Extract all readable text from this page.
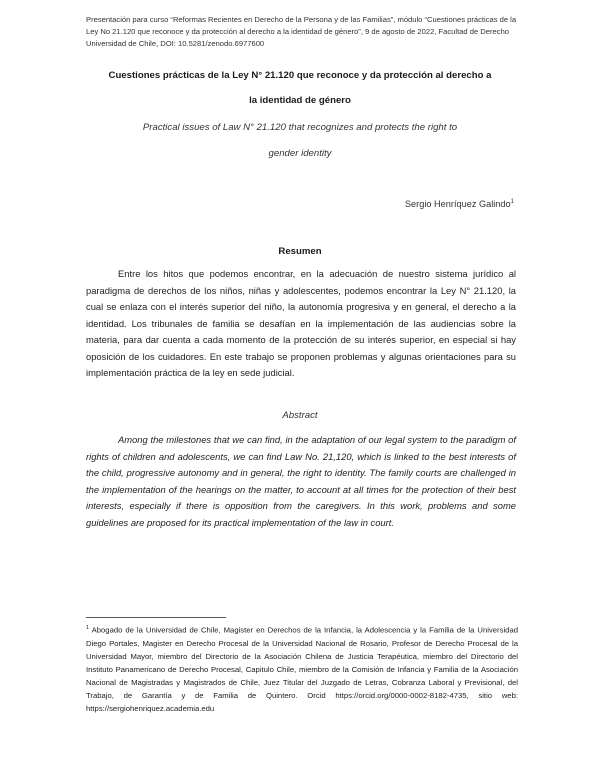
Presentación para curso “Reformas Recientes en Derecho de la Persona y de las Familias”, módulo “Cuestiones prácticas de la Ley No 21.120 que reconoce y da protección al derecho a la identidad de género”, 9 de agosto de 2022, Facultad de Derecho Universidad de Chile, DOI: 10.5281/zenodo.6977600
Cuestiones prácticas de la Ley N° 21.120 que reconoce y da protección al derecho a
la identidad de género
Practical issues of Law N° 21.120 that recognizes and protects the right to
gender identity
Sergio Henríquez Galindo$^1$
Resumen

Entre los hitos que podemos encontrar, en la adecuación de nuestro sistema jurídico al paradigma de derechos de los niños, niñas y adolescentes, podemos encontrar la Ley N° 21.120, la cual se enlaza con el interés superior del niño, la autonomía progresiva y en general, el derecho a la identidad. Los tribunales de familia se desafían en la implementación de las audiencias sobre la materia, para dar cuenta a cada momento de la protección de su interés superior, en especial si hay oposición de los cuidadores. En este trabajo se proponen problemas y algunas orientaciones para su implementación práctica de la ley en sede judicial.

Abstract

Among the milestones that we can find, in the adaptation of our legal system to the paradigm of rights of children and adolescents, we can find Law No. 21,120, which is linked to the best interests of the child, progressive autonomy and in general, the right to identity. The family courts are challenged in the implementation of the hearings on the matter, to account at all times for the protection of their best interests, especially if there is opposition from the caregivers. In this work, problems and some guidelines are proposed for its practical implementation of the law in court.

$^1$ Abogado de la Universidad de Chile, Magister en Derechos de la Infancia, la Adolescencia y la Familia de la Universidad Diego Portales, Magister en Derecho Procesal de la Universidad Nacional de Rosario, Profesor de Derecho Procesal de la Universidad Mayor, miembro del Directorio de la Asociación Chilena de Justicia Terapéutica, miembro del Directorio del Instituto Panamericano de Derecho Procesal, Capitulo Chile, miembro de la Comisión de Infancia y Familia de la Asociación Nacional de Magistradas y Magistrados de Chile, Juez Titular del Juzgado de Letras, Cobranza Laboral y Previsional, del Trabajo, de Garantía y de Familia de Quintero. Orcid https://orcid.org/0000-0002-8182-4735, sitio web: https://sergiohenriquez.academia.edu
